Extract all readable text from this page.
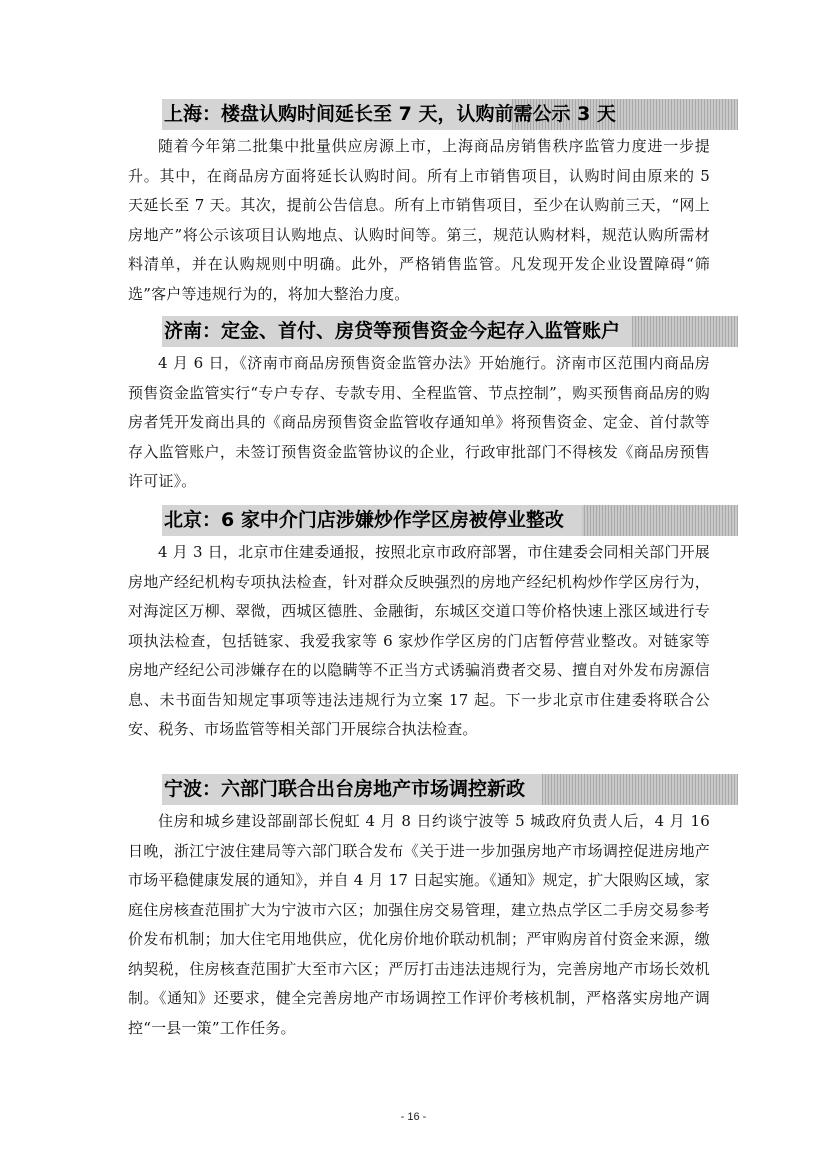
上海：楼盘认购时间延长至 7 天，认购前需公示 3 天

随着今年第二批集中批量供应房源上市，上海商品房销售秩序监管力度进一步提升。其中，在商品房方面将延长认购时间。所有上市销售项目，认购时间由原来的 5 天延长至 7 天。其次，提前公告信息。所有上市销售项目，至少在认购前三天，“网上房地产”将公示该项目认购地点、认购时间等。第三，规范认购材料，规范认购所需材料清单，并在认购规则中明确。此外，严格销售监管。凡发现开发企业设置障碍“筛选”客户等违规行为的，将加大整治力度。

济南：定金、首付、房贷等预售资金今起存入监管账户

4 月 6 日，《济南市商品房预售资金监管办法》开始施行。济南市区范围内商品房预售资金监管实行“专户专存、专款专用、全程监管、节点控制”，购买预售商品房的购房者凭开发商出具的《商品房预售资金监管收存通知单》将预售资金、定金、首付款等存入监管账户，未签订预售资金监管协议的企业，行政审批部门不得核发《商品房预售许可证》。

北京：6 家中介门店涉嫌炒作学区房被停业整改

4 月 3 日，北京市住建委通报，按照北京市政府部署，市住建委会同相关部门开展房地产经纪机构专项执法检查，针对群众反映强烈的房地产经纪机构炒作学区房行为，对海淀区万柳、翠微，西城区德胜、金融街，东城区交道口等价格快速上涨区域进行专项执法检查，包括链家、我爱我家等 6 家炒作学区房的门店暂停营业整改。对链家等房地产经纪公司涉嫌存在的以隐瞒等不正当方式诱骗消费者交易、擅自对外发布房源信息、未书面告知规定事项等违法违规行为立案 17 起。下一步北京市住建委将联合公安、税务、市场监管等相关部门开展综合执法检查。

宁波：六部门联合出台房地产市场调控新政

住房和城乡建设部副部长倪虹 4 月 8 日约谈宁波等 5 城政府负责人后，4 月 16 日晚，浙江宁波住建局等六部门联合发布《关于进一步加强房地产市场调控促进房地产市场平稳健康发展的通知》，并自 4 月 17 日起实施。《通知》规定，扩大限购区域，家庭住房核查范围扩大为宁波市六区；加强住房交易管理，建立热点学区二手房交易参考价发布机制；加大住宅用地供应，优化房价地价联动机制；严审购房首付资金来源，缴纳契税，住房核查范围扩大至市六区；严厉打击违法违规行为，完善房地产市场长效机制。《通知》还要求，健全完善房地产市场调控工作评价考核机制，严格落实房地产调控“一县一策”工作任务。

- 16 -
